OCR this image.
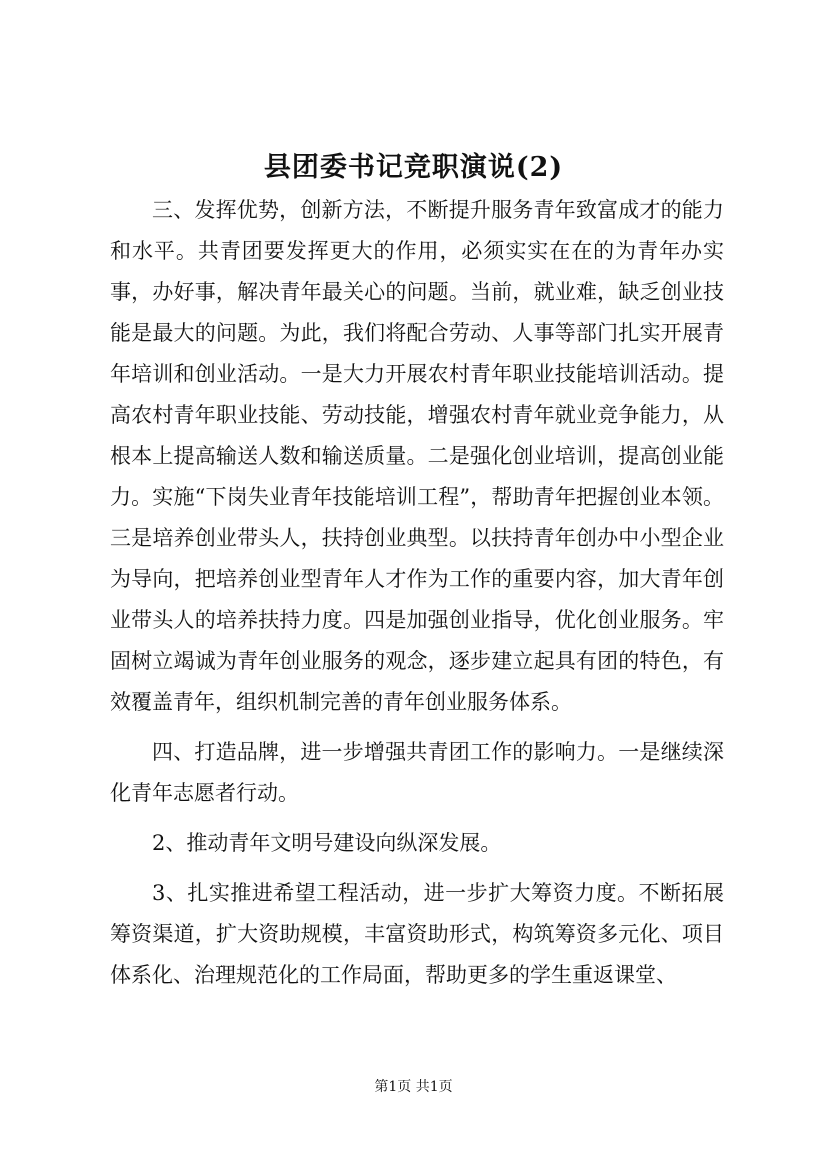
县团委书记竞职演说(2)

三、发挥优势，创新方法，不断提升服务青年致富成才的能力和水平。共青团要发挥更大的作用，必须实实在在的为青年办实事，办好事，解决青年最关心的问题。当前，就业难，缺乏创业技能是最大的问题。为此，我们将配合劳动、人事等部门扎实开展青年培训和创业活动。一是大力开展农村青年职业技能培训活动。提高农村青年职业技能、劳动技能，增强农村青年就业竞争能力，从根本上提高输送人数和输送质量。二是强化创业培训，提高创业能力。实施“下岗失业青年技能培训工程”，帮助青年把握创业本领。三是培养创业带头人，扶持创业典型。以扶持青年创办中小型企业为导向，把培养创业型青年人才作为工作的重要内容，加大青年创业带头人的培养扶持力度。四是加强创业指导，优化创业服务。牢固树立竭诚为青年创业服务的观念，逐步建立起具有团的特色，有效覆盖青年，组织机制完善的青年创业服务体系。

四、打造品牌，进一步增强共青团工作的影响力。一是继续深化青年志愿者行动。

2、推动青年文明号建设向纵深发展。

3、扎实推进希望工程活动，进一步扩大筹资力度。不断拓展筹资渠道，扩大资助规模，丰富资助形式，构筑筹资多元化、项目体系化、治理规范化的工作局面，帮助更多的学生重返课堂、

第1页 共1页
